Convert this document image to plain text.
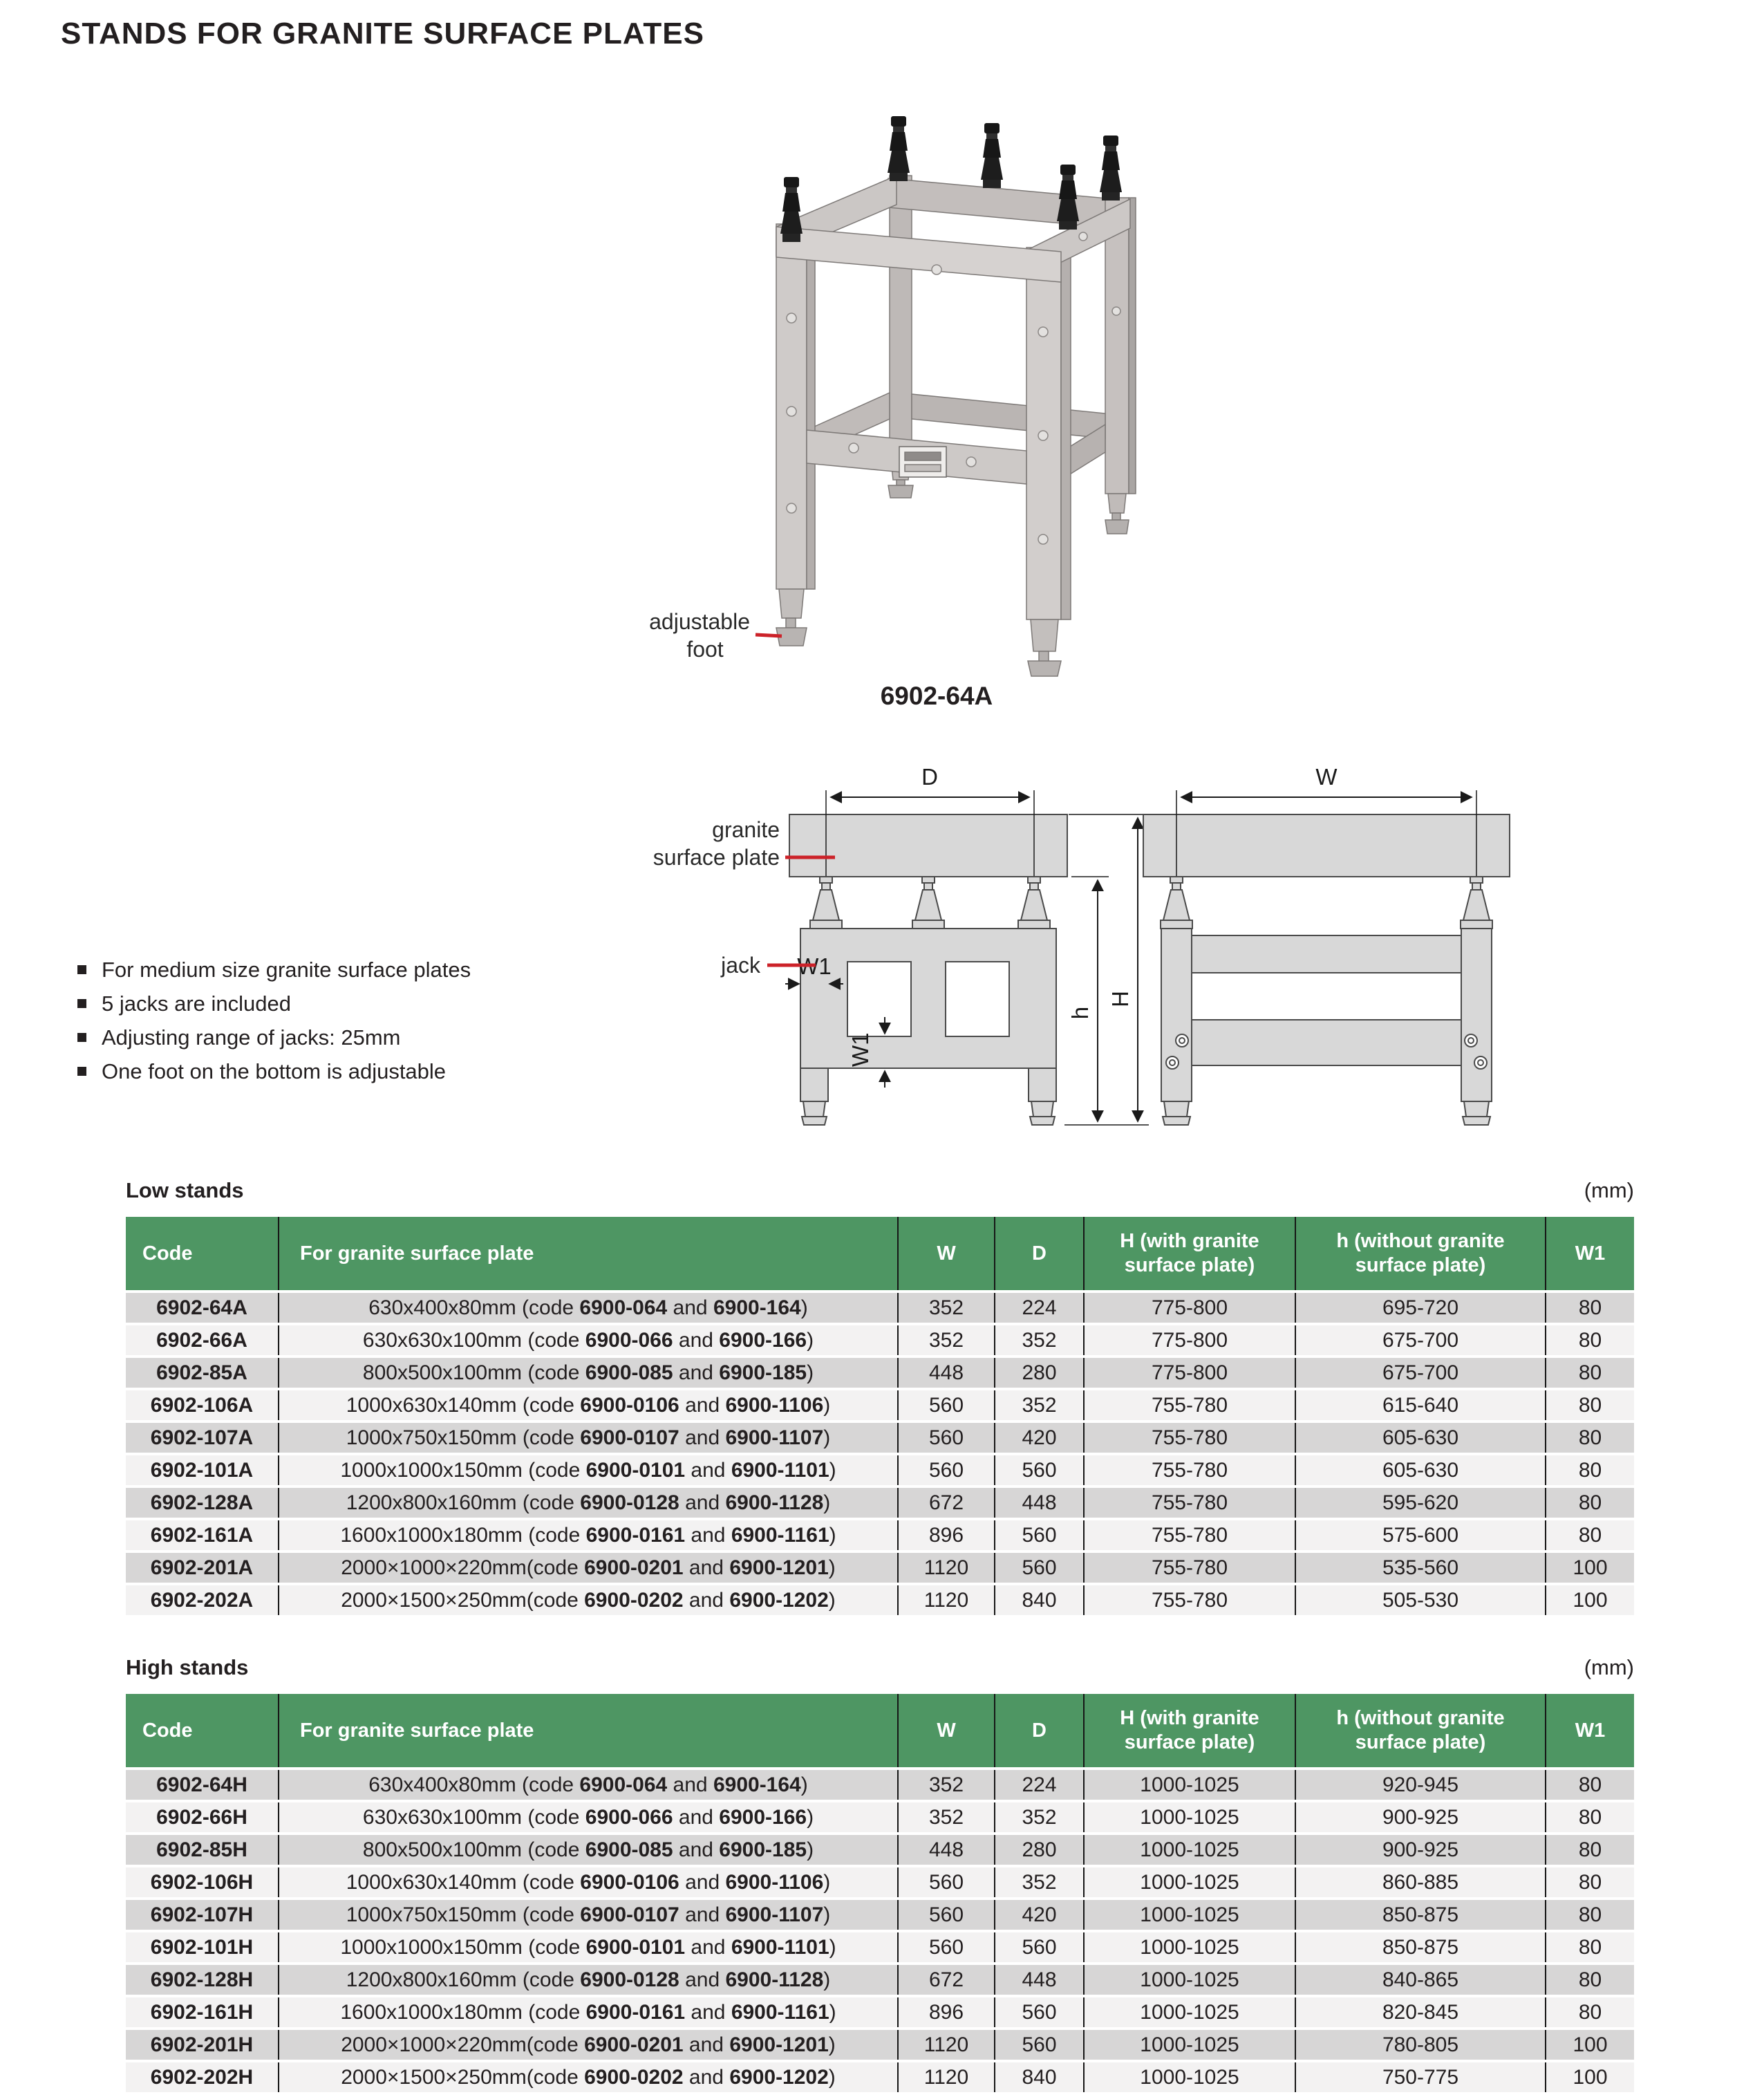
STANDS FOR GRANITE SURFACE PLATES
adjustable
foot
6902-64A
D
W1
W1
h
H
granite
surface plate
jack
W
For medium size granite surface plates
5 jacks are included
Adjusting range of jacks: 25mm
One foot on the bottom is adjustable
Low stands	(mm)
Code	For granite surface plate	W	D	H (with granite surface plate)	h (without granite surface plate)	W1
6902-64A	630x400x80mm (code 6900-064 and 6900-164)	352	224	775-800	695-720	80
6902-66A	630x630x100mm (code 6900-066 and 6900-166)	352	352	775-800	675-700	80
6902-85A	800x500x100mm (code 6900-085 and 6900-185)	448	280	775-800	675-700	80
6902-106A	1000x630x140mm (code 6900-0106 and 6900-1106)	560	352	755-780	615-640	80
6902-107A	1000x750x150mm (code 6900-0107 and 6900-1107)	560	420	755-780	605-630	80
6902-101A	1000x1000x150mm (code 6900-0101 and 6900-1101)	560	560	755-780	605-630	80
6902-128A	1200x800x160mm (code 6900-0128 and 6900-1128)	672	448	755-780	595-620	80
6902-161A	1600x1000x180mm (code 6900-0161 and 6900-1161)	896	560	755-780	575-600	80
6902-201A	2000×1000×220mm(code 6900-0201 and 6900-1201)	1120	560	755-780	535-560	100
6902-202A	2000×1500×250mm(code 6900-0202 and 6900-1202)	1120	840	755-780	505-530	100
High stands	(mm)
Code	For granite surface plate	W	D	H (with granite surface plate)	h (without granite surface plate)	W1
6902-64H	630x400x80mm (code 6900-064 and 6900-164)	352	224	1000-1025	920-945	80
6902-66H	630x630x100mm (code 6900-066 and 6900-166)	352	352	1000-1025	900-925	80
6902-85H	800x500x100mm (code 6900-085 and 6900-185)	448	280	1000-1025	900-925	80
6902-106H	1000x630x140mm (code 6900-0106 and 6900-1106)	560	352	1000-1025	860-885	80
6902-107H	1000x750x150mm (code 6900-0107 and 6900-1107)	560	420	1000-1025	850-875	80
6902-101H	1000x1000x150mm (code 6900-0101 and 6900-1101)	560	560	1000-1025	850-875	80
6902-128H	1200x800x160mm (code 6900-0128 and 6900-1128)	672	448	1000-1025	840-865	80
6902-161H	1600x1000x180mm (code 6900-0161 and 6900-1161)	896	560	1000-1025	820-845	80
6902-201H	2000×1000×220mm(code 6900-0201 and 6900-1201)	1120	560	1000-1025	780-805	100
6902-202H	2000×1500×250mm(code 6900-0202 and 6900-1202)	1120	840	1000-1025	750-775	100
